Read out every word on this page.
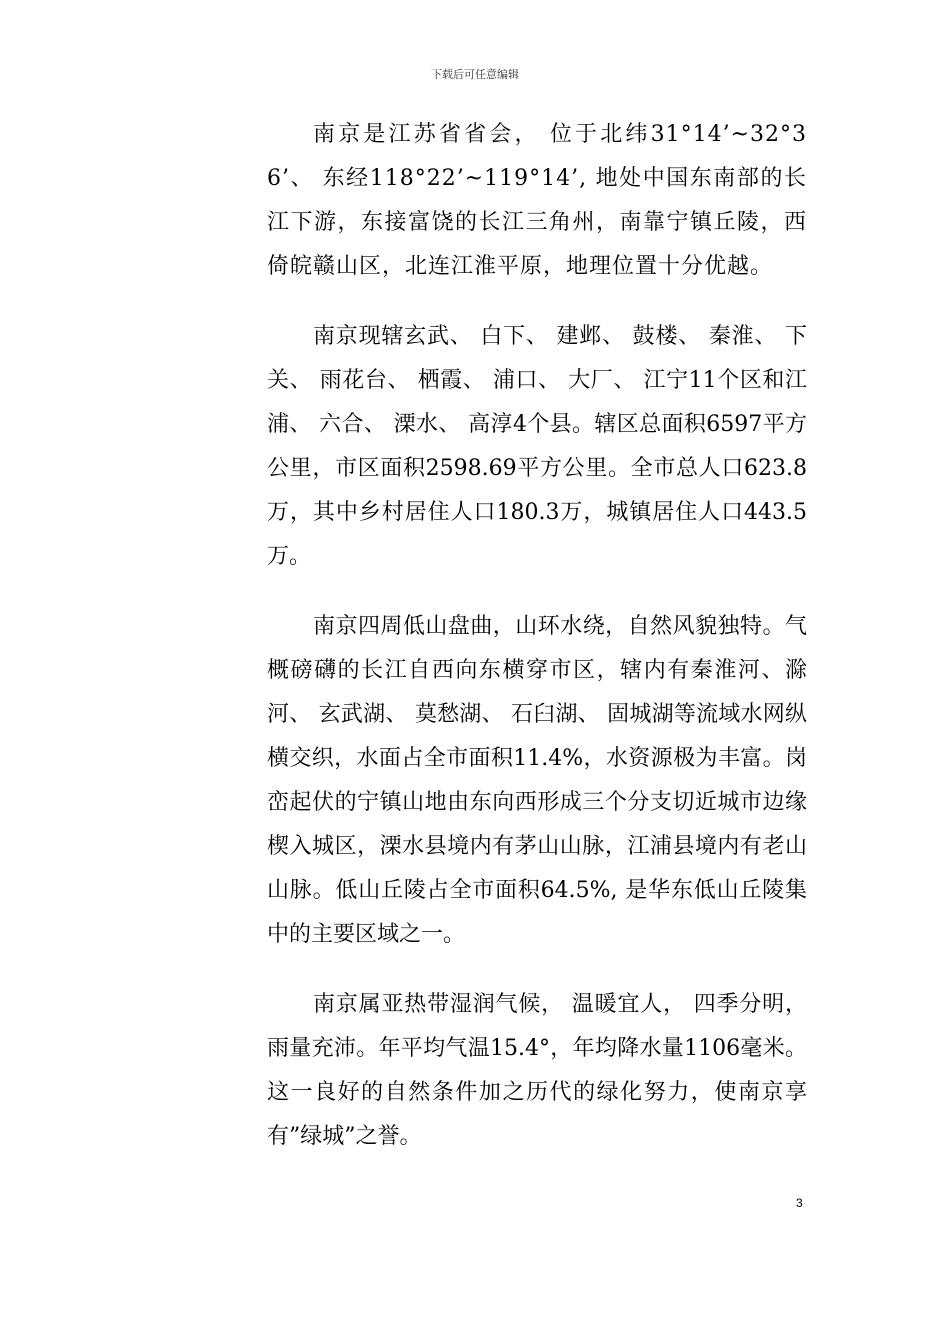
下载后可任意编辑

南京是江苏省省会， 位于北纬31°14’~32°36’、 东经118°22’~119°14’, 地处中国东南部的长江下游，东接富饶的长江三角州，南靠宁镇丘陵，西倚皖赣山区，北连江淮平原，地理位置十分优越。

南京现辖玄武、 白下、 建邺、 鼓楼、 秦淮、 下关、 雨花台、 栖霞、 浦口、 大厂、 江宁11个区和江浦、 六合、 溧水、 高淳4个县。辖区总面积6597平方公里，市区面积2598.69平方公里。全市总人口623.8万，其中乡村居住人口180.3万，城镇居住人口443.5万。

南京四周低山盘曲，山环水绕，自然风貌独特。气概磅礴的长江自西向东横穿市区，辖内有秦淮河、滁河、 玄武湖、 莫愁湖、 石臼湖、 固城湖等流域水网纵横交织，水面占全市面积11.4%，水资源极为丰富。岗峦起伏的宁镇山地由东向西形成三个分支切近城市边缘楔入城区，溧水县境内有茅山山脉，江浦县境内有老山山脉。低山丘陵占全市面积64.5%, 是华东低山丘陵集中的主要区域之一。

南京属亚热带湿润气候， 温暖宜人， 四季分明，雨量充沛。年平均气温15.4°，年均降水量1106毫米。这一良好的自然条件加之历代的绿化努力，使南京享有”绿城”之誉。

3
